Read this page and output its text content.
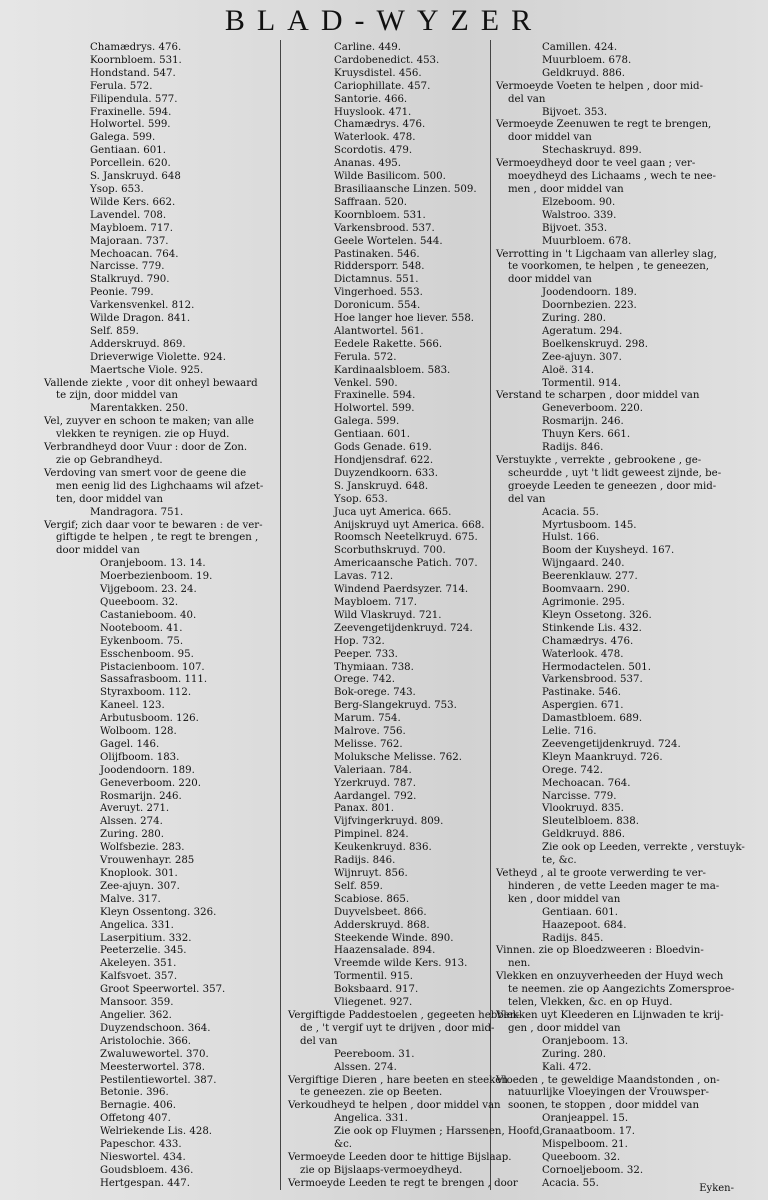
BLAD-WYZER
Chamædrys. 476.
Koornbloem. 531.
Hondstand. 547.
Ferula. 572.
Filipendula. 577.
Fraxinelle. 594.
Holwortel. 599.
Galega. 599.
Gentiaan. 601.
Porcellein. 620.
S. Janskruyd. 648
Ysop. 653.
Wilde Kers. 662.
Lavendel. 708.
Maybloem. 717.
Majoraan. 737.
Mechoacan. 764.
Narcisse. 779.
Stalkruyd. 790.
Peonie. 799.
Varkensvenkel. 812.
Wilde Dragon. 841.
Self. 859.
Adderskruyd. 869.
Drieverwige Violette. 924.
Maertsche Viole. 925.
Vallende ziekte , voor dit onheyl bewaard
te zijn, door middel van
Marentakken. 250.
Vel, zuyver en schoon te maken; van alle
vlekken te reynigen. zie op Huyd.
Verbrandheyd door Vuur : door de Zon.
zie op Gebrandheyd.
Verdoving van smert voor de geene die
men eenig lid des Lighchaams wil afzet-
ten, door middel van
Mandragora. 751.
Vergif; zich daar voor te bewaren : de ver-
giftigde te helpen , te regt te brengen ,
door middel van
Oranjeboom. 13. 14.
Moerbezienboom. 19.
Vijgeboom. 23. 24.
Queeboom. 32.
Castanieboom. 40.
Nooteboom. 41.
Eykenboom. 75.
Esschenboom. 95.
Pistacienboom. 107.
Sassafrasboom. 111.
Styraxboom. 112.
Kaneel. 123.
Arbutusboom. 126.
Wolboom. 128.
Gagel. 146.
Olijfboom. 183.
Joodendoorn. 189.
Geneverboom. 220.
Rosmarijn. 246.
Averuyt. 271.
Alssen. 274.
Zuring. 280.
Wolfsbezie. 283.
Vrouwenhayr. 285
Knoplook. 301.
Zee-ajuyn. 307.
Malve. 317.
Kleyn Ossentong. 326.
Angelica. 331.
Laserpitium. 332.
Peeterzelie. 345.
Akeleyen. 351.
Kalfsvoet. 357.
Groot Speerwortel. 357.
Mansoor. 359.
Angelier. 362.
Duyzendschoon. 364.
Aristolochie. 366.
Zwaluwewortel. 370.
Meesterwortel. 378.
Pestilentiewortel. 387.
Betonie. 396.
Bernagie. 406.
Offetong 407.
Welriekende Lis. 428.
Papeschor. 433.
Nieswortel. 434.
Goudsbloem. 436.
Hertgespan. 447.
Carline. 449.
Cardobenedict. 453.
Kruysdistel. 456.
Cariophillate. 457.
Santorie. 466.
Huyslook. 471.
Chamædrys. 476.
Waterlook. 478.
Scordotis. 479.
Ananas. 495.
Wilde Basilicom. 500.
Brasiliaansche Linzen. 509.
Saffraan. 520.
Koornbloem. 531.
Varkensbrood. 537.
Geele Wortelen. 544.
Pastinaken. 546.
Riddersporr. 548.
Dictamnus. 551.
Vingerhoed. 553.
Doronicum. 554.
Hoe langer hoe liever. 558.
Alantwortel. 561.
Eedele Rakette. 566.
Ferula. 572.
Kardinaalsbloem. 583.
Venkel. 590.
Fraxinelle. 594.
Holwortel. 599.
Galega. 599.
Gentiaan. 601.
Gods Genade. 619.
Hondjensdraf. 622.
Duyzendkoorn. 633.
S. Janskruyd. 648.
Ysop. 653.
Juca uyt America. 665.
Anijskruyd uyt America. 668.
Roomsch Neetelkruyd. 675.
Scorbuthskruyd. 700.
Americaansche Patich. 707.
Lavas. 712.
Windend Paerdsyzer. 714.
Maybloem. 717.
Wild Vlaskruyd. 721.
Zeevengetijdenkruyd. 724.
Hop. 732.
Peeper. 733.
Thymiaan. 738.
Orege. 742.
Bok-orege. 743.
Berg-Slangekruyd. 753.
Marum. 754.
Malrove. 756.
Melisse. 762.
Moluksche Melisse. 762.
Valeriaan. 784.
Yzerkruyd. 787.
Aardangel. 792.
Panax. 801.
Vijfvingerkruyd. 809.
Pimpinel. 824.
Keukenkruyd. 836.
Radijs. 846.
Wijnruyt. 856.
Self. 859.
Scabiose. 865.
Duyvelsbeet. 866.
Adderskruyd. 868.
Steekende Winde. 890.
Haazensalade. 894.
Vreemde wilde Kers. 913.
Tormentil. 915.
Boksbaard. 917.
Vliegenet. 927.
Vergiftigde Paddestoelen , gegeeten hebben-
de , 't vergif uyt te drijven , door mid-
del van
Peereboom. 31.
Alssen. 274.
Vergiftige Dieren , hare beeten en steeken
te geneezen. zie op Beeten.
Verkoudheyd te helpen , door middel van
Angelica. 331.
Zie ook op Fluymen ; Harssenen, Hoofd,
&c.
Vermoeyde Leeden door te hittige Bijslaap.
zie op Bijslaaps-vermoeydheyd.
Vermoeyde Leeden te regt te brengen , door
Camillen. 424.
Muurbloem. 678.
Geldkruyd. 886.
Vermoeyde Voeten te helpen , door mid-
del van
Bijvoet. 353.
Vermoeyde Zeenuwen te regt te brengen,
door middel van
Stechaskruyd. 899.
Vermoeydheyd door te veel gaan ; ver-
moeydheyd des Lichaams , wech te nee-
men , door middel van
Elzeboom. 90.
Walstroo. 339.
Bijvoet. 353.
Muurbloem. 678.
Verrotting in 't Ligchaam van allerley slag,
te voorkomen, te helpen , te geneezen,
door middel van
Joodendoorn. 189.
Doornbezien. 223.
Zuring. 280.
Ageratum. 294.
Boelkenskruyd. 298.
Zee-ajuyn. 307.
Aloë. 314.
Tormentil. 914.
Verstand te scharpen , door middel van
Geneverboom. 220.
Rosmarijn. 246.
Thuyn Kers. 661.
Radijs. 846.
Verstuykte , verrekte , gebrookene , ge-
scheurdde , uyt 't lidt geweest zijnde, be-
groeyde Leeden te geneezen , door mid-
del van
Acacia. 55.
Myrtusboom. 145.
Hulst. 166.
Boom der Kuysheyd. 167.
Wijngaard. 240.
Beerenklauw. 277.
Boomvaarn. 290.
Agrimonie. 295.
Kleyn Ossetong. 326.
Stinkende Lis. 432.
Chamædrys. 476.
Waterlook. 478.
Hermodactelen. 501.
Varkensbrood. 537.
Pastinake. 546.
Aspergien. 671.
Damastbloem. 689.
Lelie. 716.
Zeevengetijdenkruyd. 724.
Kleyn Maankruyd. 726.
Orege. 742.
Mechoacan. 764.
Narcisse. 779.
Vlookruyd. 835.
Sleutelbloem. 838.
Geldkruyd. 886.
Zie ook op Leeden, verrekte , verstuyk-
te, &c.
Vetheyd , al te groote verwerding te ver-
hinderen , de vette Leeden mager te ma-
ken , door middel van
Gentiaan. 601.
Haazepoot. 684.
Radijs. 845.
Vinnen. zie op Bloedzweeren : Bloedvin-
nen.
Vlekken en onzuyverheeden der Huyd wech
te neemen. zie op Aangezichts Zomersproe-
telen, Vlekken, &c. en op Huyd.
Vlekken uyt Kleederen en Lijnwaden te krij-
gen , door middel van
Oranjeboom. 13.
Zuring. 280.
Kali. 472.
Vloeden , te geweldige Maandstonden , on-
natuurlijke Vloeyingen der Vrouwsper-
soonen, te stoppen , door middel van
Oranjeappel. 15.
Granaatboom. 17.
Mispelboom. 21.
Queeboom. 32.
Cornoeljeboom. 32.
Acacia. 55.	Eyken-
